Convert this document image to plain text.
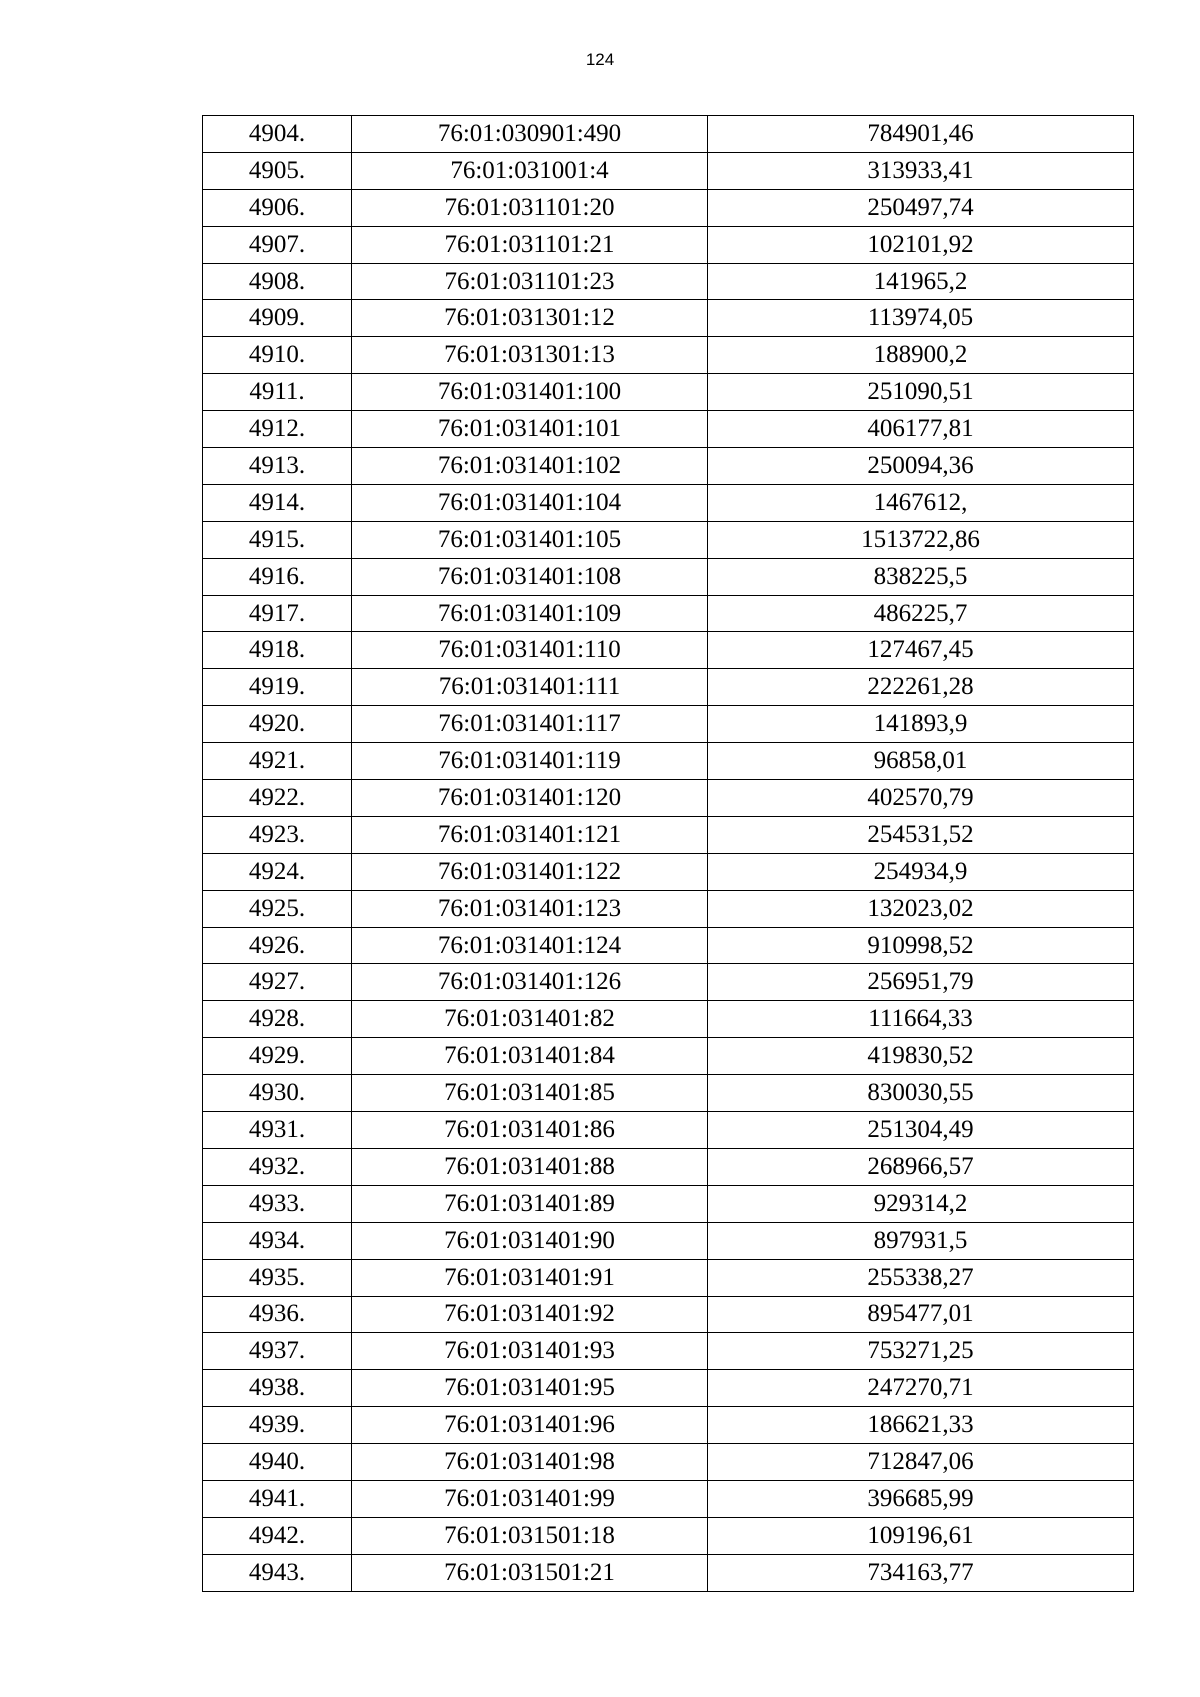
124
4904.	76:01:030901:490	784901,46
4905.	76:01:031001:4	313933,41
4906.	76:01:031101:20	250497,74
4907.	76:01:031101:21	102101,92
4908.	76:01:031101:23	141965,2
4909.	76:01:031301:12	113974,05
4910.	76:01:031301:13	188900,2
4911.	76:01:031401:100	251090,51
4912.	76:01:031401:101	406177,81
4913.	76:01:031401:102	250094,36
4914.	76:01:031401:104	1467612,
4915.	76:01:031401:105	1513722,86
4916.	76:01:031401:108	838225,5
4917.	76:01:031401:109	486225,7
4918.	76:01:031401:110	127467,45
4919.	76:01:031401:111	222261,28
4920.	76:01:031401:117	141893,9
4921.	76:01:031401:119	96858,01
4922.	76:01:031401:120	402570,79
4923.	76:01:031401:121	254531,52
4924.	76:01:031401:122	254934,9
4925.	76:01:031401:123	132023,02
4926.	76:01:031401:124	910998,52
4927.	76:01:031401:126	256951,79
4928.	76:01:031401:82	111664,33
4929.	76:01:031401:84	419830,52
4930.	76:01:031401:85	830030,55
4931.	76:01:031401:86	251304,49
4932.	76:01:031401:88	268966,57
4933.	76:01:031401:89	929314,2
4934.	76:01:031401:90	897931,5
4935.	76:01:031401:91	255338,27
4936.	76:01:031401:92	895477,01
4937.	76:01:031401:93	753271,25
4938.	76:01:031401:95	247270,71
4939.	76:01:031401:96	186621,33
4940.	76:01:031401:98	712847,06
4941.	76:01:031401:99	396685,99
4942.	76:01:031501:18	109196,61
4943.	76:01:031501:21	734163,77
